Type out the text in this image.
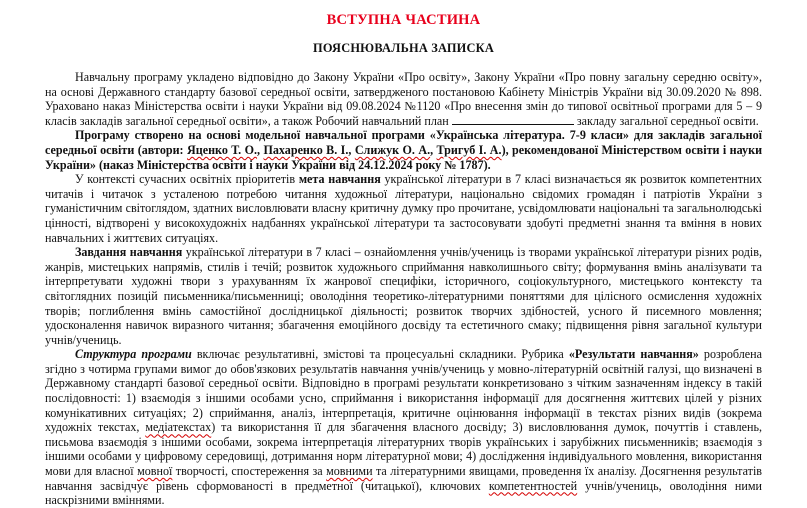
ВСТУПНА ЧАСТИНА
ПОЯСНЮВАЛЬНА ЗАПИСКА

Навчальну програму укладено відповідно до Закону України «Про освіту», Закону України «Про повну загальну середню освіту», на основі Державного стандарту базової середньої освіти, затвердженого постановою Кабінету Міністрів України від 30.09.2020 № 898. Ураховано наказ Міністерства освіти і науки України від 09.08.2024 №1120 «Про внесення змін до типової освітньої програми для 5 – 9 класів закладів загальної середньої освіти», а також Робочий навчальний план	закладу загальної середньої освіти.

Програму створено на основі модельної навчальної програми «Українська література. 7-9 класи» для закладів загальної середньої освіти (автори: Яценко Т. О., Пахаренко В. І., Слижук О. А., Тригуб І. А.), рекомендованої Міністерством освіти і науки України» (наказ Міністерства освіти і науки України від 24.12.2024 року № 1787).

У контексті сучасних освітніх пріоритетів мета навчання української літератури в 7 класі визначається як розвиток компетентних читачів і читачок з усталеною потребою читання художньої літератури, національно свідомих громадян і патріотів України з гуманістичним світоглядом, здатних висловлювати власну критичну думку про прочитане, усвідомлювати національні та загальнолюдські цінності, відтворені у високохудожніх надбаннях української літератури та застосовувати здобуті предметні знання та вміння в нових навчальних і життєвих ситуаціях.

Завдання навчання української літератури в 7 класі – ознайомлення учнів/учениць із творами української літератури різних родів, жанрів, мистецьких напрямів, стилів і течій; розвиток художнього сприймання навколишнього світу; формування вмінь аналізувати та інтерпретувати художні твори з урахуванням їх жанрової специфіки, історичного, соціокультурного, мистецького контексту та світоглядних позицій письменника/письменниці; оволодіння теоретико-літературними поняттями для цілісного осмислення художніх творів; поглиблення вмінь самостійної дослідницької діяльності; розвиток творчих здібностей, усного й писемного мовлення; удосконалення навичок виразного читання; збагачення емоційного досвіду та естетичного смаку; підвищення рівня загальної культури учнів/учениць.

Структура програми включає результативні, змістові та процесуальні складники. Рубрика «Результати навчання» розроблена згідно з чотирма групами вимог до обов'язкових результатів навчання учнів/учениць у мовно-літературній освітній галузі, що визначені в Державному стандарті базової середньої освіти. Відповідно в програмі результати конкретизовано з чітким зазначенням індексу в такій послідовності: 1) взаємодія з іншими особами усно, сприймання і використання інформації для досягнення життєвих цілей у різних комунікативних ситуаціях; 2) сприймання, аналіз, інтерпретація, критичне оцінювання інформації в текстах різних видів (зокрема художніх текстах, медіатекстах) та використання її для збагачення власного досвіду; 3) висловлювання думок, почуттів і ставлень, письмова взаємодія з іншими особами, зокрема інтерпретація літературних творів українських і зарубіжних письменників; взаємодія з іншими особами у цифровому середовищі, дотримання норм літературної мови; 4) дослідження індивідуального мовлення, використання мови для власної мовної творчості, спостереження за мовними та літературними явищами, проведення їх аналізу. Досягнення результатів навчання засвідчує рівень сформованості в предметної (читацької), ключових компетентностей учнів/учениць, оволодіння ними наскрізними вміннями.
